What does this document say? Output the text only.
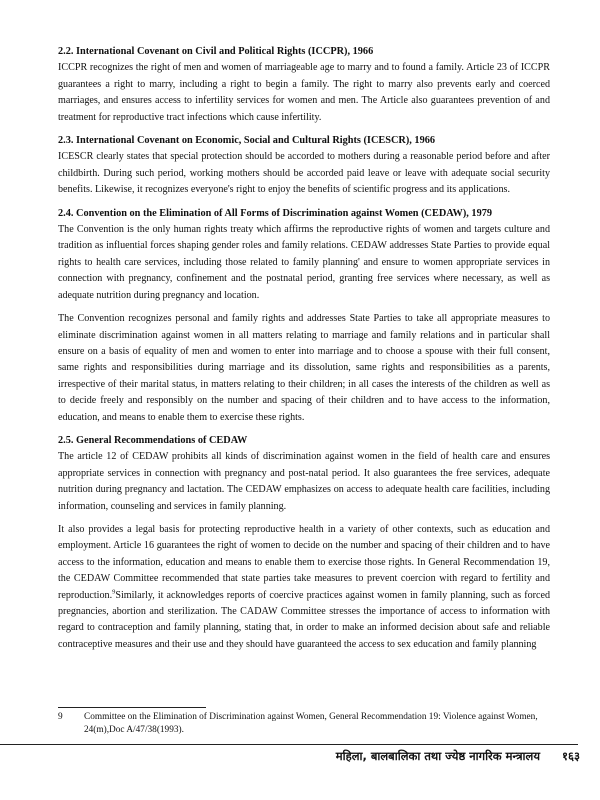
2.2. International Covenant on Civil and Political Rights (ICCPR), 1966

ICCPR recognizes the right of men and women of marriageable age to marry and to found a family. Article 23 of ICCPR guarantees a right to marry, including a right to begin a family. The right to marry also prevents early and coerced marriages, and ensures access to infertility services for women and men. The Article also guarantees prevention of and treatment for reproductive tract infections which cause infertility.

2.3. International Covenant on Economic, Social and Cultural Rights (ICESCR), 1966

ICESCR clearly states that special protection should be accorded to mothers during a reasonable period before and after childbirth. During such period, working mothers should be accorded paid leave or leave with adequate social security benefits. Likewise, it recognizes everyone's right to enjoy the benefits of scientific progress and its applications.

2.4. Convention on the Elimination of All Forms of Discrimination against Women (CEDAW), 1979

The Convention is the only human rights treaty which affirms the reproductive rights of women and targets culture and tradition as influential forces shaping gender roles and family relations. CEDAW addresses State Parties to provide equal rights to health care services, including those related to family planning' and ensure to women appropriate services in connection with pregnancy, confinement and the postnatal period, granting free services where necessary, as well as adequate nutrition during pregnancy and location.

The Convention recognizes personal and family rights and addresses State Parties to take all appropriate measures to eliminate discrimination against women in all matters relating to marriage and family relations and in particular shall ensure on a basis of equality of men and women to enter into marriage and to choose a spouse with their full consent, same rights and responsibilities during marriage and its dissolution, same rights and responsibilities as a parents, irrespective of their marital status, in matters relating to their children; in all cases the interests of the children as well as to decide freely and responsibly on the number and spacing of their children and to have access to the information, education, and means to enable them to exercise these rights.

2.5. General Recommendations of CEDAW

The article 12 of CEDAW prohibits all kinds of discrimination against women in the field of health care and ensures appropriate services in connection with pregnancy and post-natal period. It also guarantees the free services, adequate nutrition during pregnancy and lactation. The CEDAW emphasizes on access to adequate health care facilities, including information, counseling and services in family planning.

It also provides a legal basis for protecting reproductive health in a variety of other contexts, such as education and employment. Article 16 guarantees the right of women to decide on the number and spacing of their children and to have access to the information, education and means to enable them to exercise those rights. In General Recommendation 19, the CEDAW Committee recommended that state parties take measures to prevent coercion with regard to fertility and reproduction.$^9$Similarly, it acknowledges reports of coercive practices against women in family planning, such as forced pregnancies, abortion and sterilization. The CADAW Committee stresses the importance of access to information with regard to contraception and family planning, stating that, in order to make an informed decision about safe and reliable contraceptive measures and their use and they should have guaranteed the access to sex education and family planning

9	Committee on the Elimination of Discrimination against Women, General Recommendation 19: Violence against Women, 24(m),Doc A/47/38(1993).
महिला, बालबालिका तथा ज्येष्ठ नागरिक मन्त्रालय १६३
